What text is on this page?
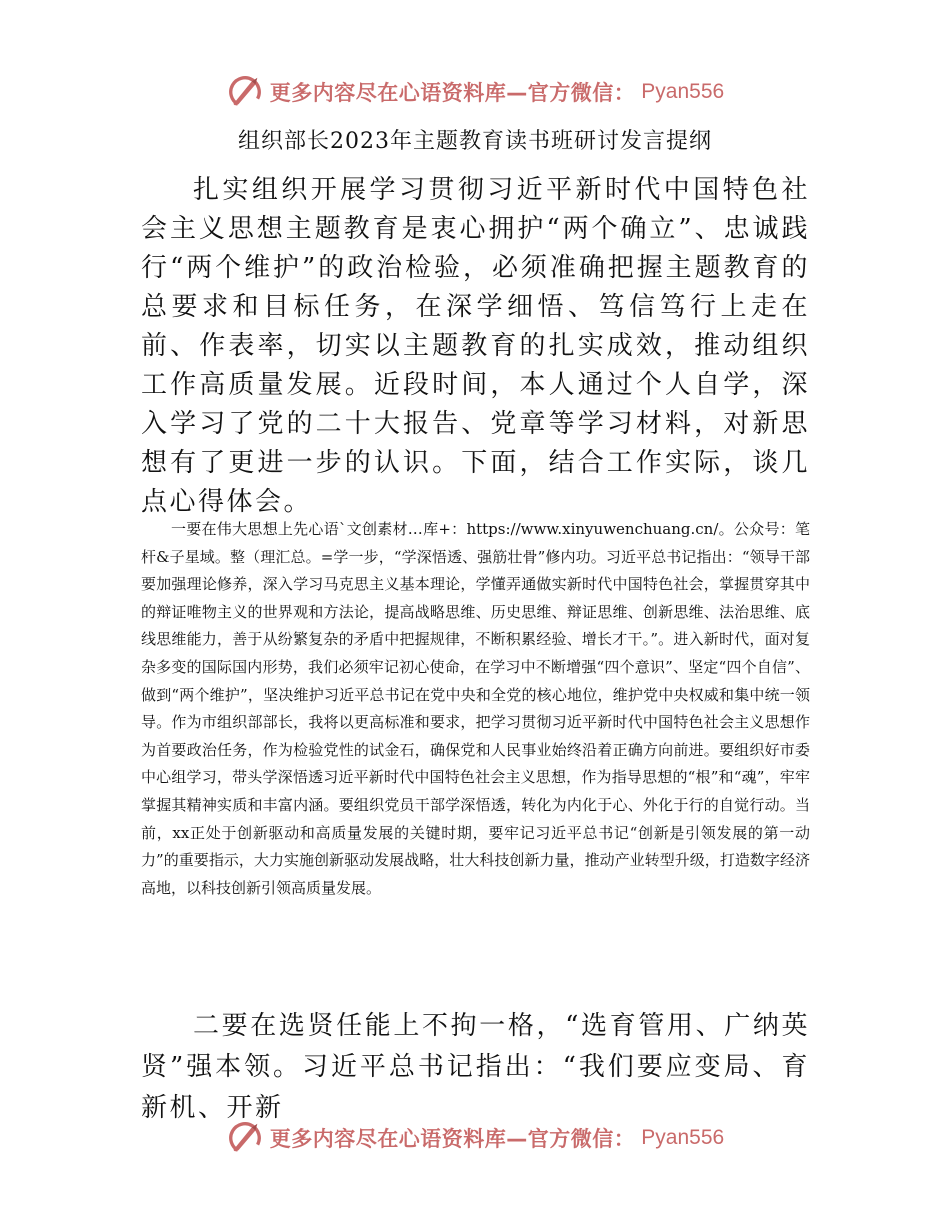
更多内容尽在心语资料库—官方微信： Pyan556
组织部长2023年主题教育读书班研讨发言提纲

扎实组织开展学习贯彻习近平新时代中国特色社会主义思想主题教育是衷心拥护“两个确立”、忠诚践行“两个维护”的政治检验，必须准确把握主题教育的总要求和目标任务，在深学细悟、笃信笃行上走在前、作表率，切实以主题教育的扎实成效，推动组织工作高质量发展。近段时间，本人通过个人自学，深入学习了党的二十大报告、党章等学习材料，对新思想有了更进一步的认识。下面，结合工作实际，谈几点心得体会。

一要在伟大思想上先心语`文创素材…库+：https://www.xinyuwenchuang.cn/。公众号：笔杆&子星域。整（理汇总。=学一步，“学深悟透、强筋壮骨”修内功。习近平总书记指出：“领导干部要加强理论修养，深入学习马克思主义基本理论，学懂弄通做实新时代中国特色社会，掌握贯穿其中的辩证唯物主义的世界观和方法论，提高战略思维、历史思维、辩证思维、创新思维、法治思维、底线思维能力，善于从纷繁复杂的矛盾中把握规律，不断积累经验、增长才干。”。进入新时代，面对复杂多变的国际国内形势，我们必须牢记初心使命，在学习中不断增强“四个意识”、坚定“四个自信”、做到“两个维护”，坚决维护习近平总书记在党中央和全党的核心地位，维护党中央权威和集中统一领导。作为市组织部部长，我将以更高标准和要求，把学习贯彻习近平新时代中国特色社会主义思想作为首要政治任务，作为检验党性的试金石，确保党和人民事业始终沿着正确方向前进。要组织好市委中心组学习，带头学深悟透习近平新时代中国特色社会主义思想，作为指导思想的“根”和“魂”，牢牢掌握其精神实质和丰富内涵。要组织党员干部学深悟透，转化为内化于心、外化于行的自觉行动。当前，xx正处于创新驱动和高质量发展的关键时期，要牢记习近平总书记“创新是引领发展的第一动力”的重要指示，大力实施创新驱动发展战略，壮大科技创新力量，推动产业转型升级，打造数字经济高地，以科技创新引领高质量发展。

二要在选贤任能上不拘一格，“选育管用、广纳英贤”强本领。习近平总书记指出：“我们要应变局、育新机、开新

更多内容尽在心语资料库—官方微信： Pyan556
